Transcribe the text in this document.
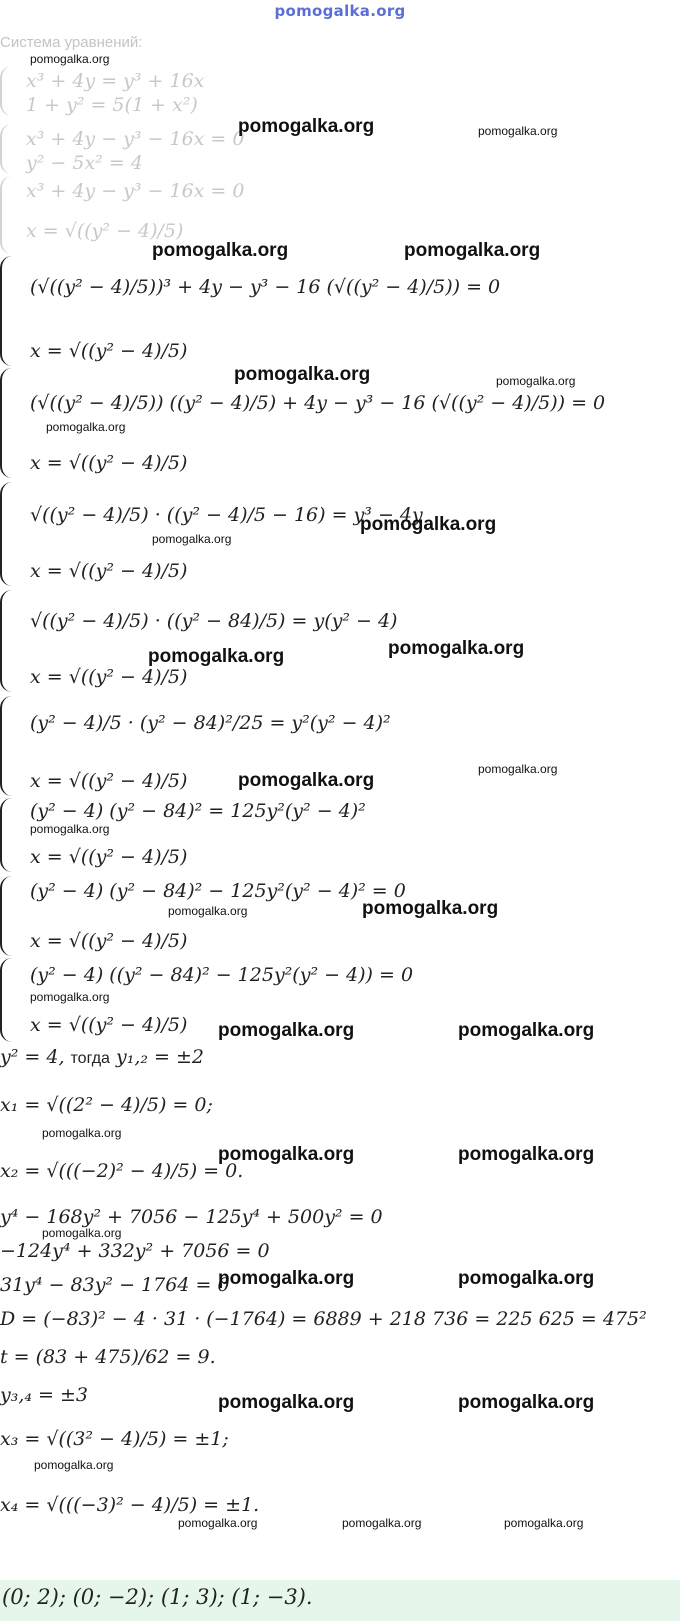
pomogalka.org
Система уравнений:
x³ + 4y = y³ + 16x
1 + y² = 5(1 + x²)
x³ + 4y − y³ − 16x = 0
y² − 5x² = 4
x³ + 4y − y³ − 16x = 0
x = √((y² − 4)/5)
(√((y² − 4)/5))³ + 4y − y³ − 16 (√((y² − 4)/5)) = 0
x = √((y² − 4)/5)
(√((y² − 4)/5)) ((y² − 4)/5) + 4y − y³ − 16 (√((y² − 4)/5)) = 0
x = √((y² − 4)/5)
√((y² − 4)/5) · ((y² − 4)/5 − 16) = y³ − 4y
x = √((y² − 4)/5)
√((y² − 4)/5) · ((y² − 84)/5) = y(y² − 4)
x = √((y² − 4)/5)
(y² − 4)/5 · (y² − 84)²/25 = y²(y² − 4)²
x = √((y² − 4)/5)
(y² − 4) (y² − 84)² = 125y²(y² − 4)²
x = √((y² − 4)/5)
(y² − 4) (y² − 84)² − 125y²(y² − 4)² = 0
x = √((y² − 4)/5)
(y² − 4) ((y² − 84)² − 125y²(y² − 4)) = 0
x = √((y² − 4)/5)
y² = 4, тогда y₁,₂ = ±2
x₁ = √((2² − 4)/5) = 0;
x₂ = √(((−2)² − 4)/5) = 0.
y⁴ − 168y² + 7056 − 125y⁴ + 500y² = 0
−124y⁴ + 332y² + 7056 = 0
31y⁴ − 83y² − 1764 = 0
D = (−83)² − 4 · 31 · (−1764) = 6889 + 218 736 = 225 625 = 475²
t = (83 + 475)/62 = 9.
y₃,₄ = ±3
x₃ = √((3² − 4)/5) = ±1;
x₄ = √(((−3)² − 4)/5) = ±1.
(0; 2); (0; −2); (1; 3); (1; −3).
pomogalka.org
pomogalka.org	pomogalka.org
pomogalka.org	pomogalka.org
pomogalka.org	pomogalka.org
pomogalka.org
pomogalka.org
pomogalka.org
pomogalka.org
pomogalka.org
pomogalka.org
pomogalka.org
pomogalka.org
pomogalka.org
pomogalka.org
pomogalka.org
pomogalka.org	pomogalka.org
pomogalka.org
pomogalka.org	pomogalka.org
pomogalka.org
pomogalka.org	pomogalka.org
pomogalka.org	pomogalka.org
pomogalka.org
pomogalka.org	pomogalka.org	pomogalka.org
